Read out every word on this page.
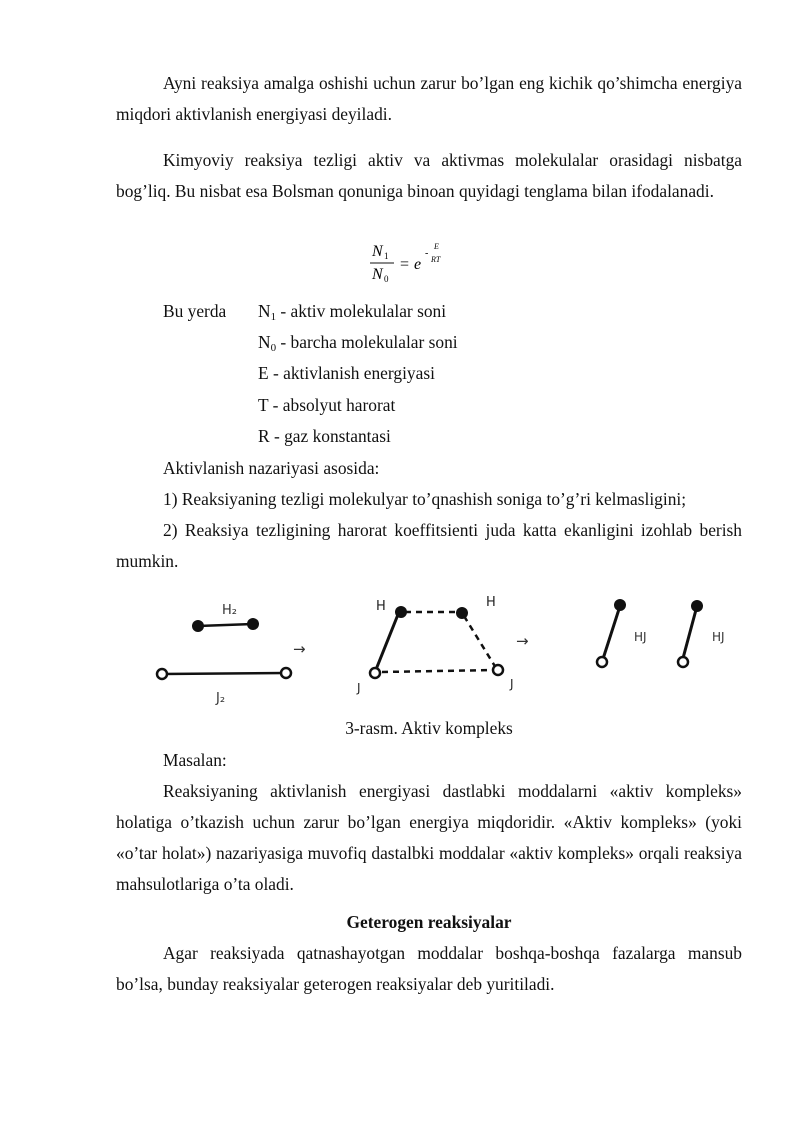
Ayni reaksiya amalga oshishi uchun zarur bo’lgan eng kichik qo’shimcha energiya miqdori aktivlanish energiyasi deyiladi.

Kimyoviy reaksiya tezligi aktiv va aktivmas molekulalar orasidagi nisbatga bog’liq. Bu nisbat esa Bolsman qonuniga binoan quyidagi tenglama bilan ifodalanadi.

N 1
N 0
= e
-
E
RT
Bu yerda $N_1$ - aktiv molekulalar soni
$N_0$ - barcha molekulalar soni
E - aktivlanish energiyasi
T - absolyut harorat
R - gaz konstantasi
Aktivlanish nazariyasi asosida:
1) Reaksiyaning tezligi molekulyar to’qnashish soniga to’g’ri kelmasligini;

2) Reaksiya tezligining harorat koeffitsienti juda katta ekanligini izohlab berish mumkin.

H₂
J₂
→
H	H
J	J
→	HJ	HJ
3-rasm. Aktiv kompleks
Masalan:

Reaksiyaning aktivlanish energiyasi dastlabki moddalarni «aktiv kompleks» holatiga o’tkazish uchun zarur bo’lgan energiya miqdoridir. «Aktiv kompleks» (yoki «o’tar holat») nazariyasiga muvofiq dastalbki moddalar «aktiv kompleks» orqali reaksiya mahsulotlariga o’ta oladi.

Geterogen reaksiyalar

Agar reaksiyada qatnashayotgan moddalar boshqa-boshqa fazalarga mansub bo’lsa, bunday reaksiyalar geterogen reaksiyalar deb yuritiladi.
